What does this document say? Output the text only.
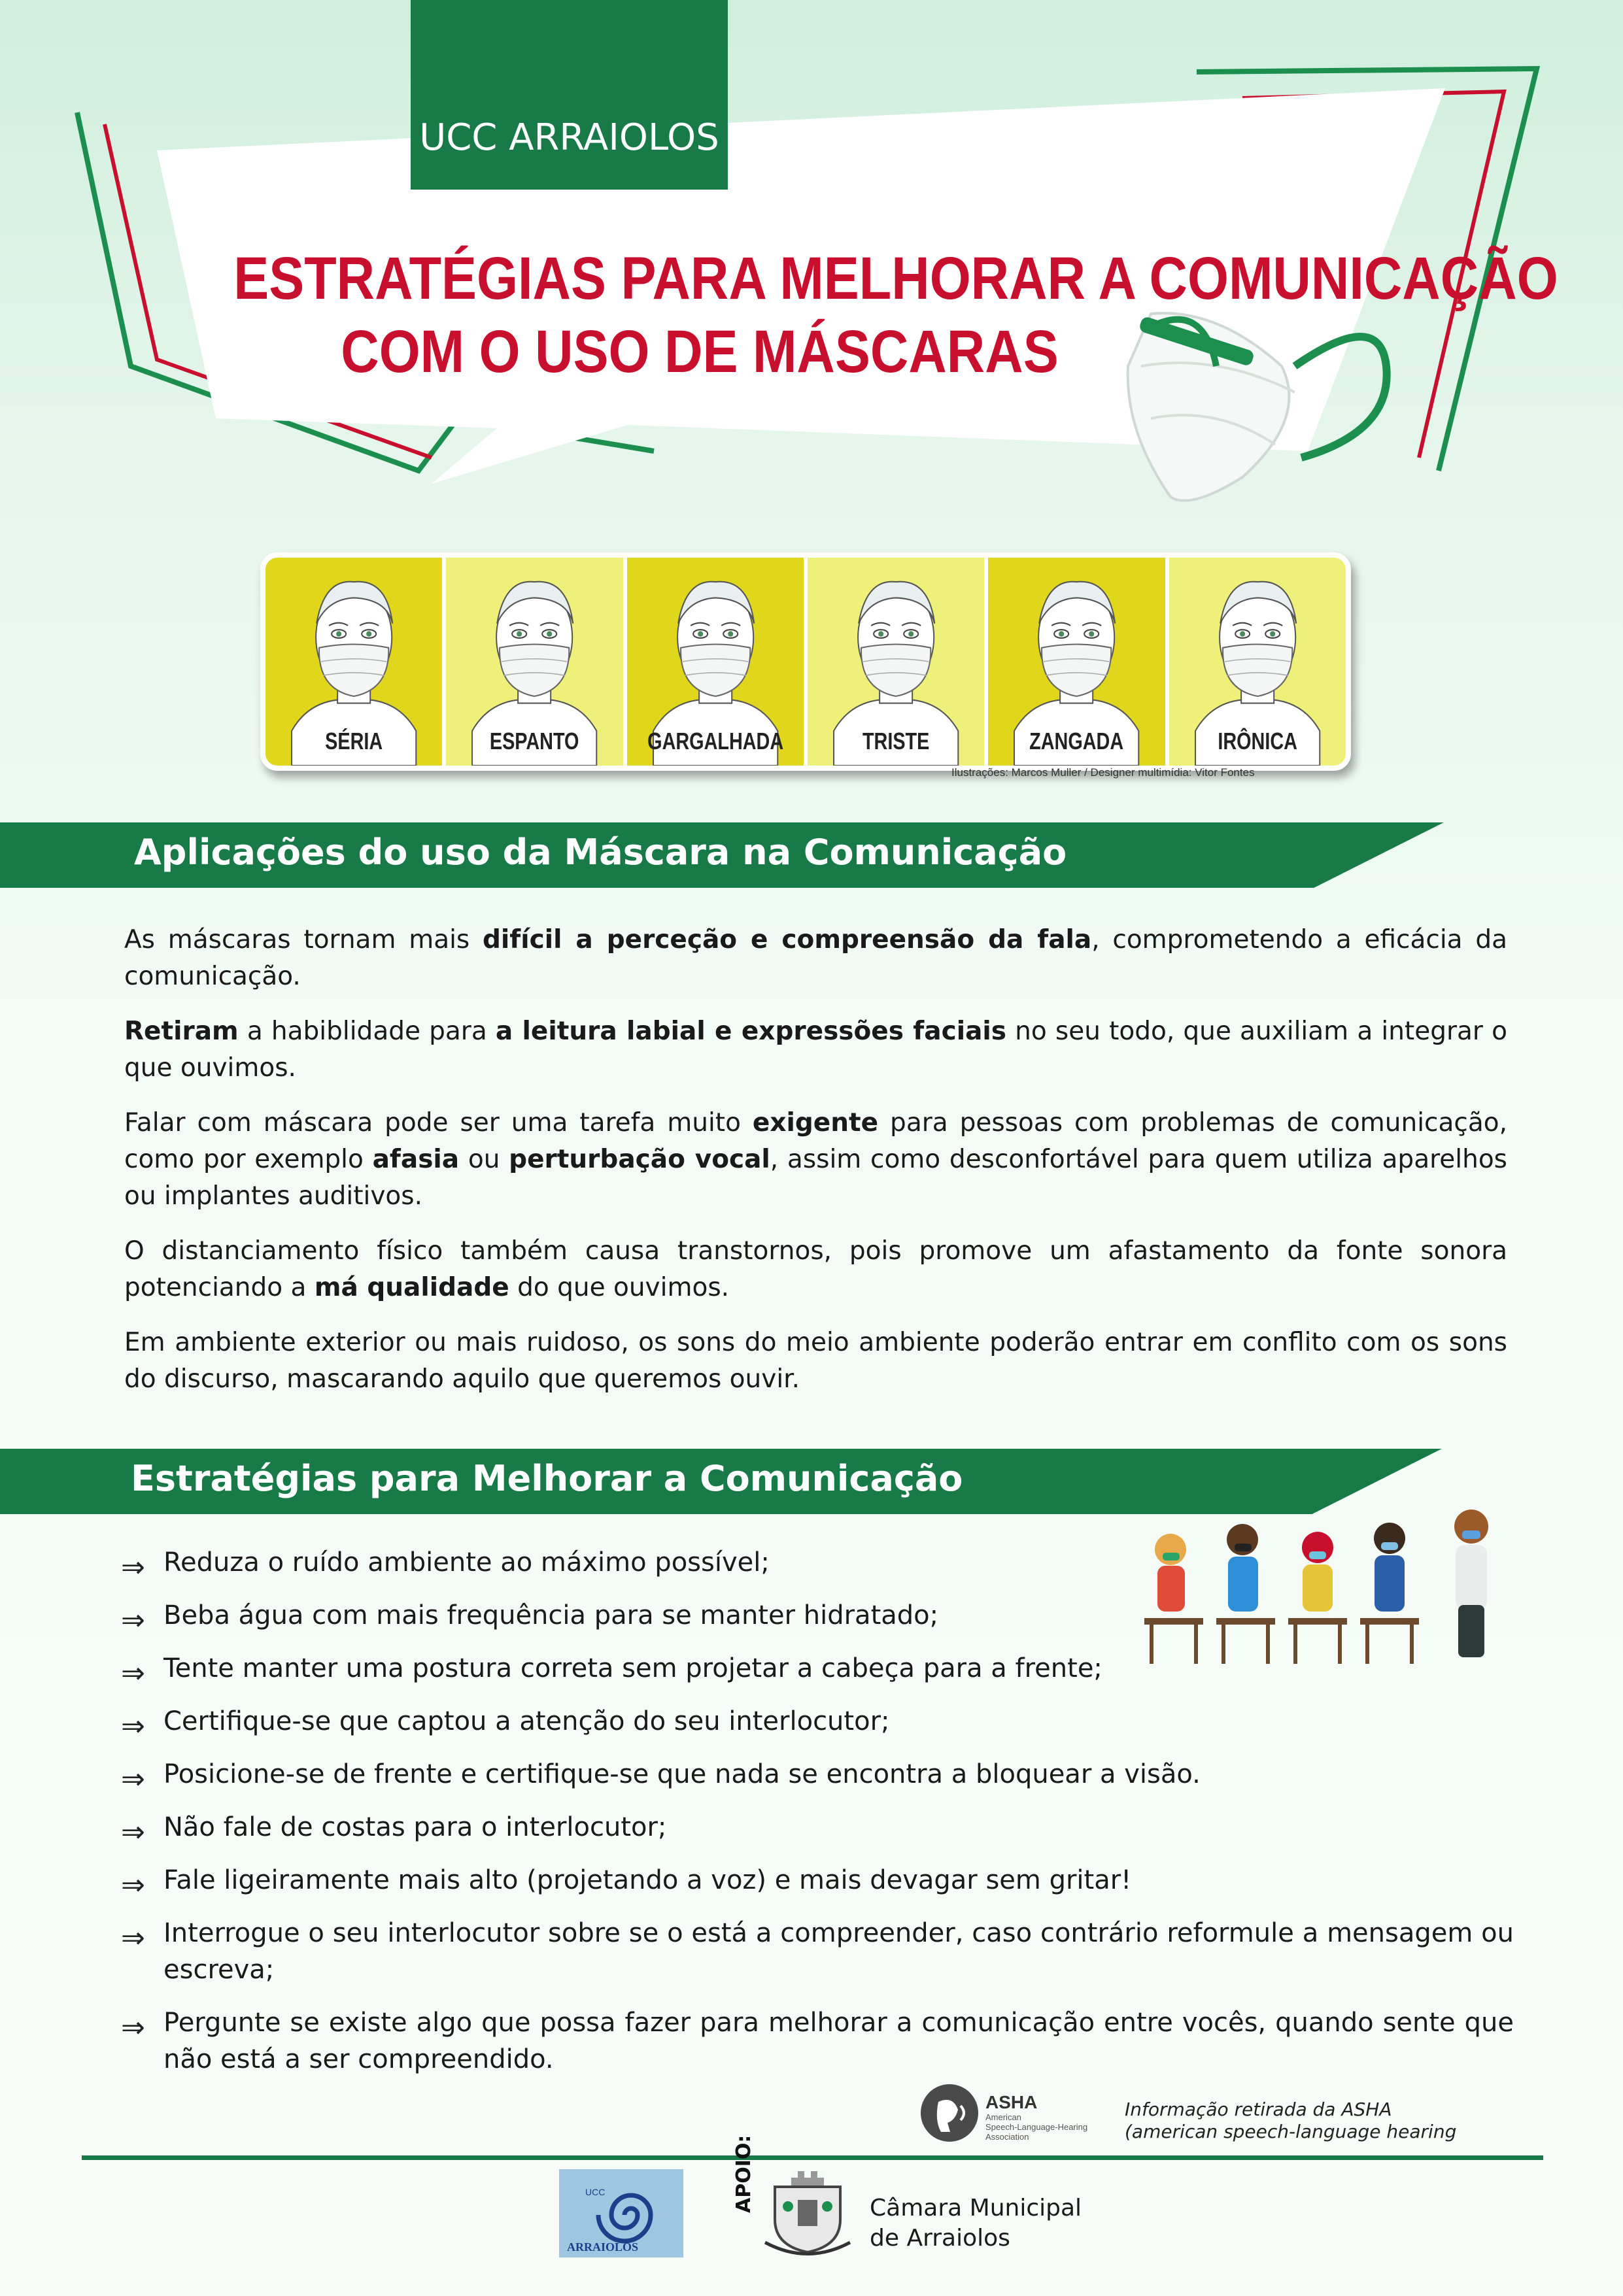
UCC ARRAIOLOS
ESTRATÉGIAS PARA MELHORAR A COMUNICAÇÃO
COM O USO DE MÁSCARAS
SÉRIA	ESPANTO	GARGALHADA	TRISTE	ZANGADA	IRÔNICA
Ilustrações: Marcos Muller / Designer multimídia: Vitor Fontes
Aplicações do uso da Máscara na Comunicação

As máscaras tornam mais difícil a perceção e compreensão da fala, comprometendo a eficácia da comunicação.

Retiram a habiblidade para a leitura labial e expressões faciais no seu todo, que auxiliam a integrar o que ouvimos.

Falar com máscara pode ser uma tarefa muito exigente para pessoas com problemas de comunicação, como por exemplo afasia ou perturbação vocal, assim como desconfortável para quem utiliza aparelhos ou implantes auditivos.

O distanciamento físico também causa transtornos, pois promove um afastamento da fonte sonora potenciando a má qualidade do que ouvimos.

Em ambiente exterior ou mais ruidoso, os sons do meio ambiente poderão entrar em conflito com os sons do discurso, mascarando aquilo que queremos ouvir.

Estratégias para Melhorar a Comunicação
⇒ Reduza o ruído ambiente ao máximo possível;
⇒ Beba água com mais frequência para se manter hidratado;
⇒ Tente manter uma postura correta sem projetar a cabeça para a frente;
⇒ Certifique-se que captou a atenção do seu interlocutor;
⇒ Posicione-se de frente e certifique-se que nada se encontra a bloquear a visão.
⇒ Não fale de costas para o interlocutor;
⇒ Fale ligeiramente mais alto (projetando a voz) e mais devagar sem gritar!
⇒ Interrogue o seu interlocutor sobre se o está a compreender, caso contrário reformule a mensagem ou escreva;
⇒ Pergunte se existe algo que possa fazer para melhorar a comunicação entre vocês, quando sente que não está a ser compreendido.
ASHA
American
Speech-Language-Hearing
Association
Informação retirada da ASHA
(american speech-language hearing
UCC
ARRAIOLOS
APOIO:	Câmara Municipal
de Arraiolos
